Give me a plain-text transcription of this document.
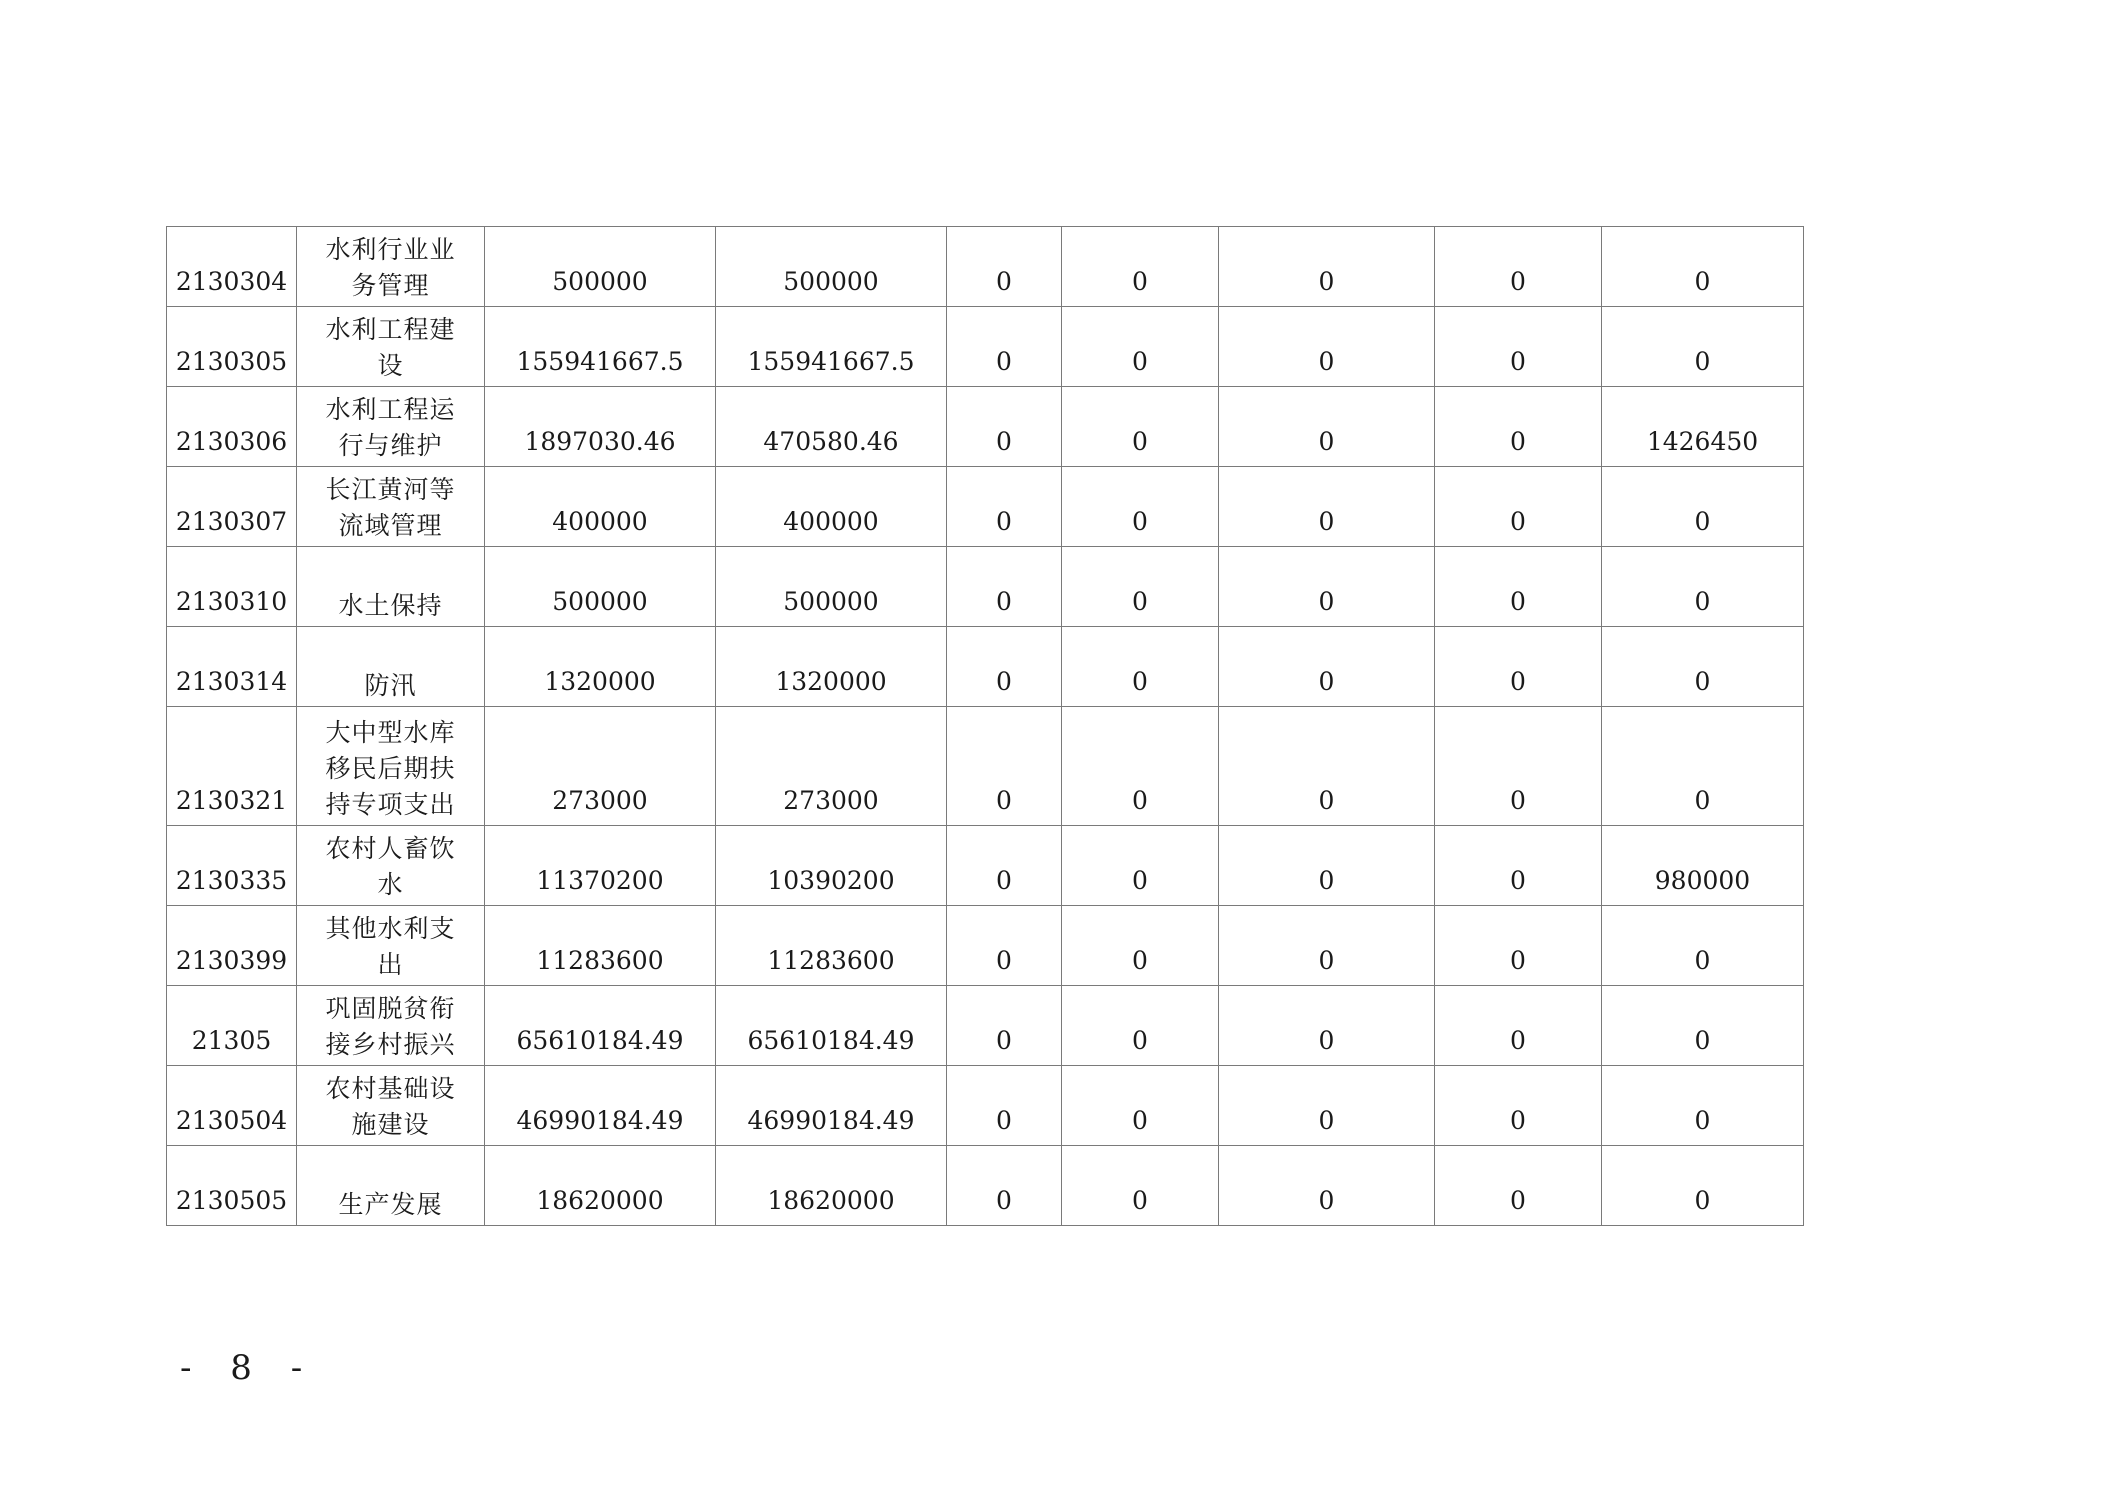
2130304	水利行业业
务管理	500000	500000	0	0	0	0	0
2130305	水利工程建
设	155941667.5	155941667.5	0	0	0	0	0
2130306	水利工程运
行与维护	1897030.46	470580.46	0	0	0	0	1426450
2130307	长江黄河等
流域管理	400000	400000	0	0	0	0	0
2130310	水土保持	500000	500000	0	0	0	0	0
2130314	防汛	1320000	1320000	0	0	0	0	0
2130321	大中型水库
移民后期扶
持专项支出	273000	273000	0	0	0	0	0
2130335	农村人畜饮
水	11370200	10390200	0	0	0	0	980000
2130399	其他水利支
出	11283600	11283600	0	0	0	0	0
21305	巩固脱贫衔
接乡村振兴	65610184.49	65610184.49	0	0	0	0	0
2130504	农村基础设
施建设	46990184.49	46990184.49	0	0	0	0	0
2130505	生产发展	18620000	18620000	0	0	0	0	0
- 8 -
